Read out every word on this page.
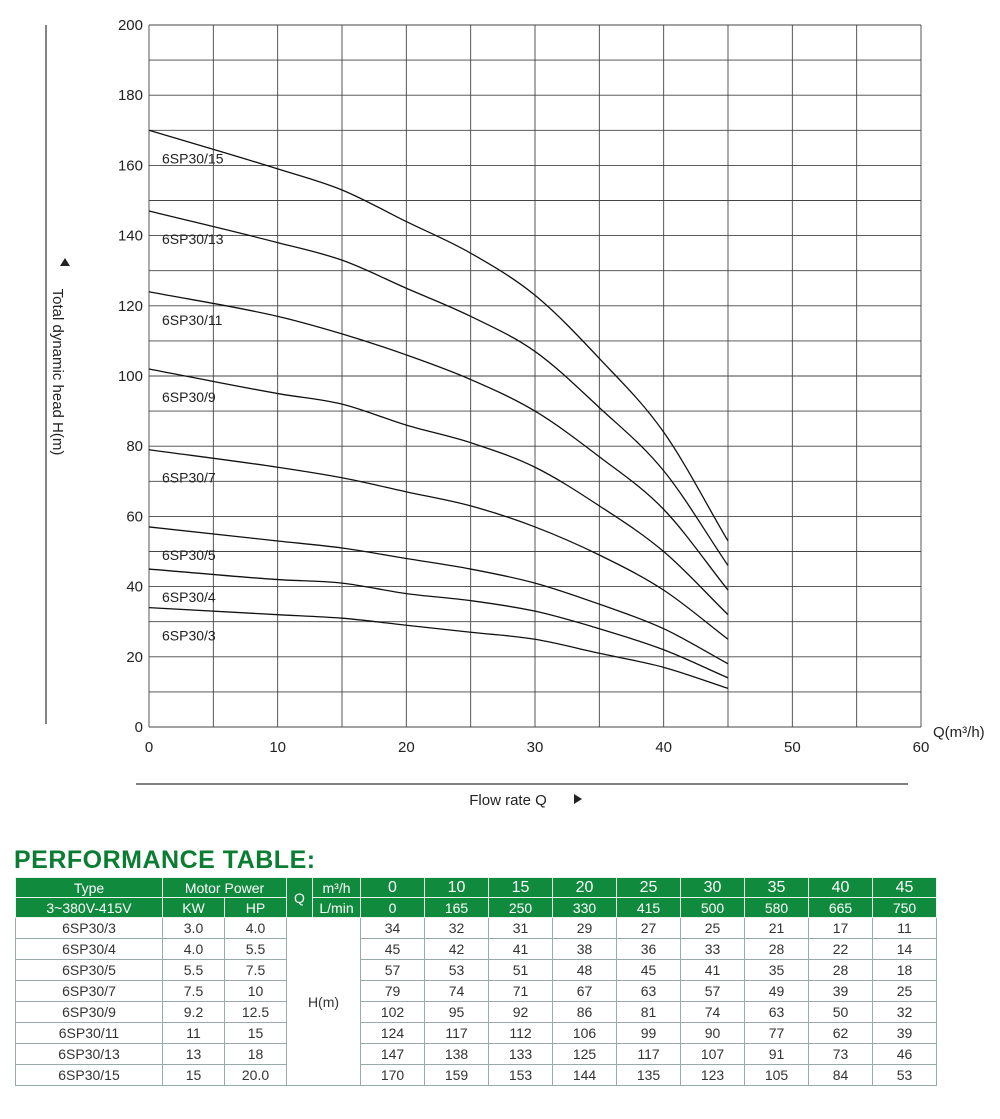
0
20
40
60
80
100
120
140
160
180
200
0	10	20	30	40	50	60
6SP30/15
6SP30/13
6SP30/11
6SP30/9
6SP30/7
6SP30/5
6SP30/4
6SP30/3
Total dynamic head H(m)
Flow rate Q
Q(m³/h)
PERFORMANCE TABLE:
Type	Motor Power		Q	m³/h	0	10	15	20	25	30	35	40	45
3~380V-415V	KW	HP		L/min	0	165	250	330	415	500	580	665	750
6SP30/3	3.0	4.0	H(m)		34	32	31	29	27	25	21	17	11
6SP30/4	4.0	5.5			45	42	41	38	36	33	28	22	14
6SP30/5	5.5	7.5			57	53	51	48	45	41	35	28	18
6SP30/7	7.5	10			79	74	71	67	63	57	49	39	25
6SP30/9	9.2	12.5			102	95	92	86	81	74	63	50	32
6SP30/11	11	15			124	117	112	106	99	90	77	62	39
6SP30/13	13	18			147	138	133	125	117	107	91	73	46
6SP30/15	15	20.0			170	159	153	144	135	123	105	84	53
